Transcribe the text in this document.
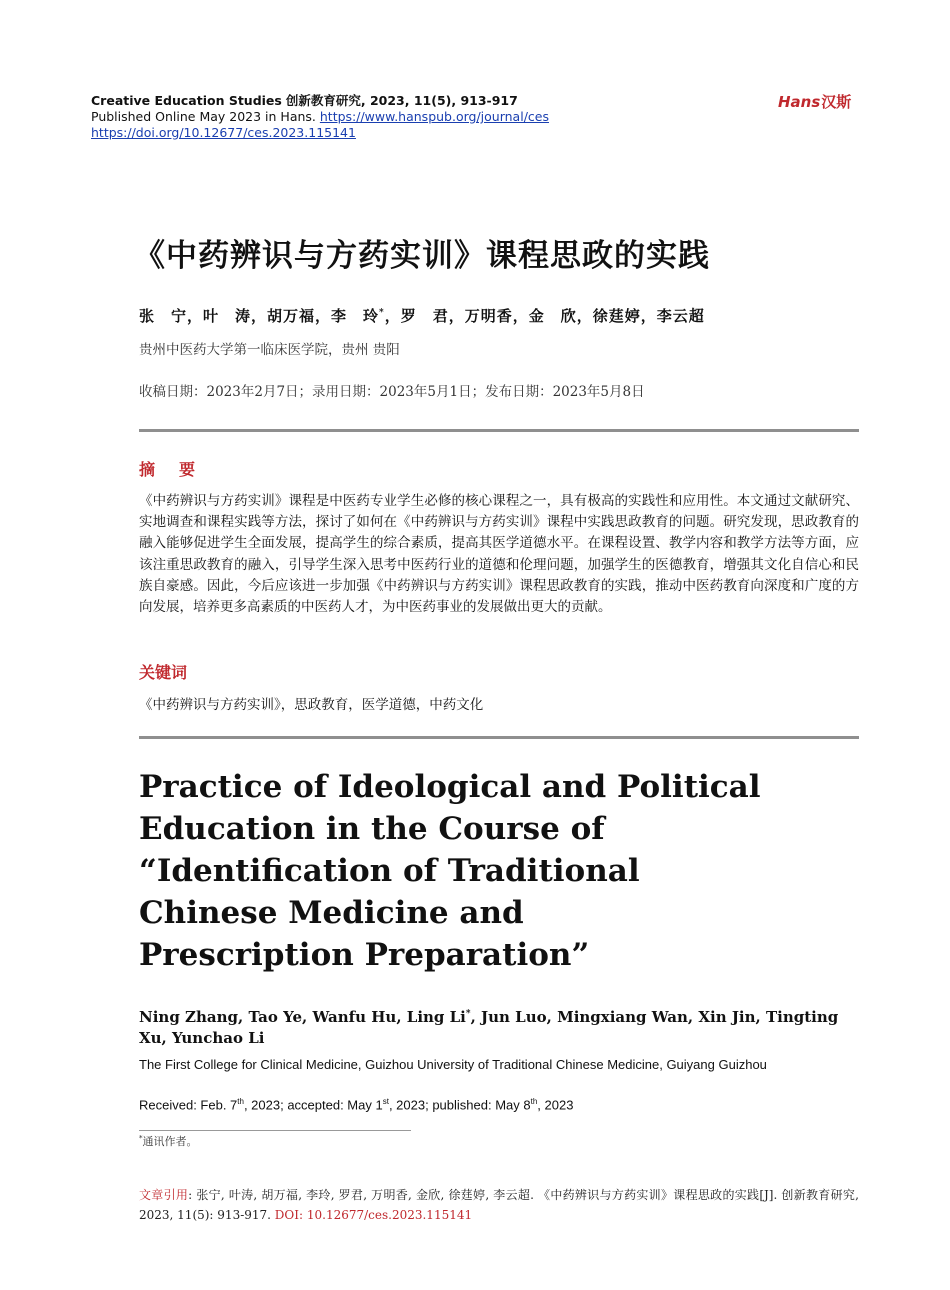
Creative Education Studies 创新教育研究, 2023, 11(5), 913-917
Published Online May 2023 in Hans. https://www.hanspub.org/journal/ces
https://doi.org/10.12677/ces.2023.115141
Hans汉斯
《中药辨识与方药实训》课程思政的实践
张　宁，叶　涛，胡万福，李　玲*，罗　君，万明香，金　欣，徐莛婷，李云超
贵州中医药大学第一临床医学院，贵州 贵阳
收稿日期：2023年2月7日；录用日期：2023年5月1日；发布日期：2023年5月8日
摘　要
《中药辨识与方药实训》课程是中医药专业学生必修的核心课程之一，具有极高的实践性和应用性。本文通过文献研究、实地调查和课程实践等方法，探讨了如何在《中药辨识与方药实训》课程中实践思政教育的问题。研究发现，思政教育的融入能够促进学生全面发展，提高学生的综合素质，提高其医学道德水平。在课程设置、教学内容和教学方法等方面，应该注重思政教育的融入，引导学生深入思考中医药行业的道德和伦理问题，加强学生的医德教育，增强其文化自信心和民族自豪感。因此，今后应该进一步加强《中药辨识与方药实训》课程思政教育的实践，推动中医药教育向深度和广度的方向发展，培养更多高素质的中医药人才，为中医药事业的发展做出更大的贡献。
关键词
《中药辨识与方药实训》，思政教育，医学道德，中药文化
Practice of Ideological and Political
Education in the Course of
“Identification of Traditional
Chinese Medicine and
Prescription Preparation”
Ning Zhang, Tao Ye, Wanfu Hu, Ling Li*, Jun Luo, Mingxiang Wan, Xin Jin, Tingting Xu, Yunchao Li
The First College for Clinical Medicine, Guizhou University of Traditional Chinese Medicine, Guiyang Guizhou
Received: Feb. 7th, 2023; accepted: May 1st, 2023; published: May 8th, 2023
*通讯作者。
文章引用: 张宁, 叶涛, 胡万福, 李玲, 罗君, 万明香, 金欣, 徐莛婷, 李云超. 《中药辨识与方药实训》课程思政的实践[J]. 创新教育研究, 2023, 11(5): 913-917. DOI: 10.12677/ces.2023.115141
